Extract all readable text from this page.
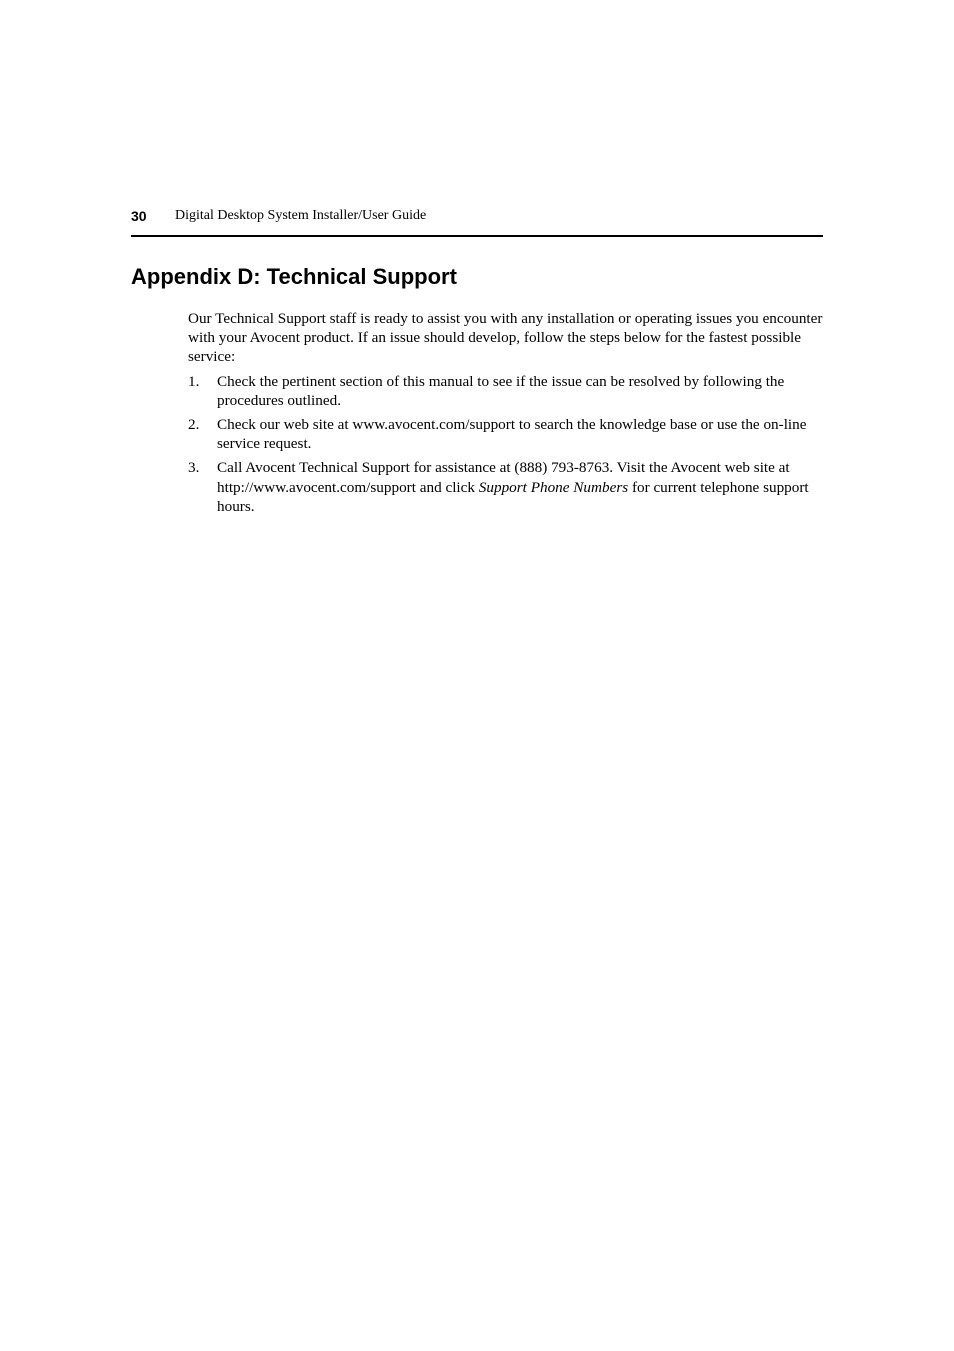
30 Digital Desktop System Installer/User Guide
Appendix D: Technical Support

Our Technical Support staff is ready to assist you with any installation or operating issues you encounter with your Avocent product. If an issue should develop, follow the steps below for the fastest possible service:

1. Check the pertinent section of this manual to see if the issue can be resolved by following the procedures outlined.
2. Check our web site at www.avocent.com/support to search the knowledge base or use the on-line service request.
3. Call Avocent Technical Support for assistance at (888) 793-8763. Visit the Avocent web site at http://www.avocent.com/support and click Support Phone Numbers for current telephone support hours.
